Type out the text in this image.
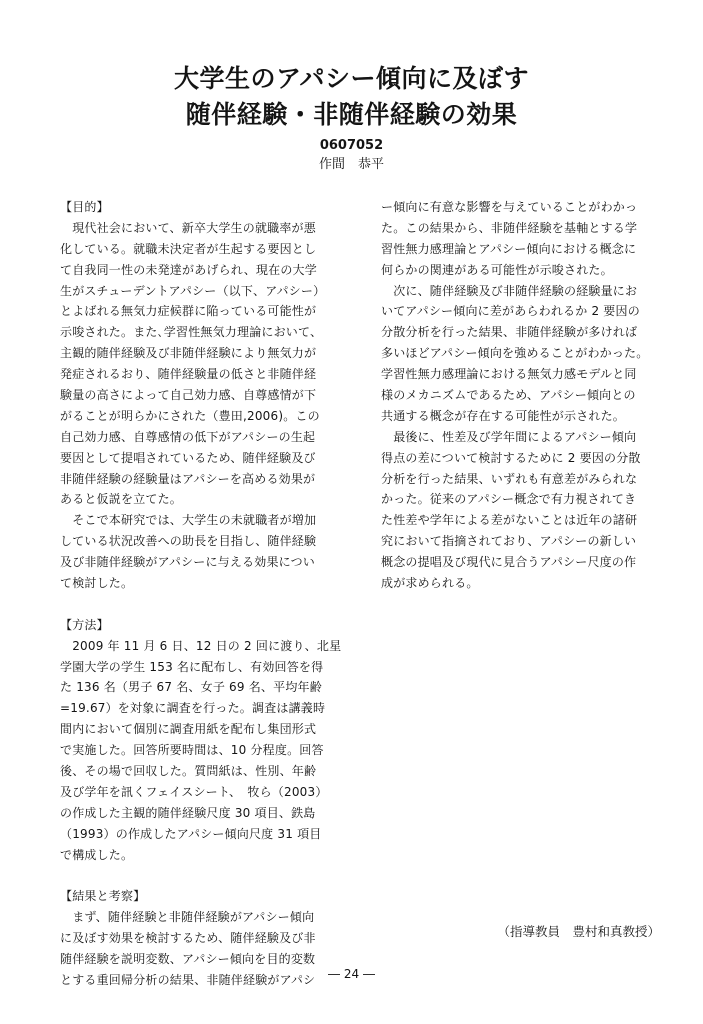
大学生のアパシー傾向に及ぼす
随伴経験・非随伴経験の効果
0607052
作間　恭平
【目的】
　現代社会において、新卒大学生の就職率が悪
化している。就職未決定者が生起する要因とし
て自我同一性の未発達があげられ、現在の大学
生がスチューデントアパシー（以下、アパシー）
とよばれる無気力症候群に陥っている可能性が
示唆された。また､学習性無気力理論において、
主観的随伴経験及び非随伴経験により無気力が
発症されるおり、随伴経験量の低さと非随伴経
験量の高さによって自己効力感、自尊感情が下
がることが明らかにされた（豊田,2006)。この
自己効力感、自尊感情の低下がアパシーの生起
要因として提唱されているため、随伴経験及び
非随伴経験の経験量はアパシーを高める効果が
あると仮説を立てた。
　そこで本研究では、大学生の未就職者が増加
している状況改善への助長を目指し、随伴経験
及び非随伴経験がアパシーに与える効果につい
て検討した。
【方法】
　2009 年 11 月 6 日、12 日の 2 回に渡り、北星
学園大学の学生 153 名に配布し、有効回答を得
た 136 名（男子 67 名、女子 69 名、平均年齢
=19.67）を対象に調査を行った。調査は講義時
間内において個別に調査用紙を配布し集団形式
で実施した。回答所要時間は、10 分程度。回答
後、その場で回収した。質問紙は、性別、年齢
及び学年を訊くフェイスシート、　牧ら（2003）
の作成した主観的随伴経験尺度 30 項目、鉄島
（1993）の作成したアパシー傾向尺度 31 項目
で構成した。
【結果と考察】
　まず、随伴経験と非随伴経験がアパシー傾向
に及ぼす効果を検討するため、随伴経験及び非
随伴経験を説明変数、アパシー傾向を目的変数
とする重回帰分析の結果、非随伴経験がアパシ
ー傾向に有意な影響を与えていることがわかっ
た。この結果から、非随伴経験を基軸とする学
習性無力感理論とアパシー傾向における概念に
何らかの関連がある可能性が示唆された。
　次に、随伴経験及び非随伴経験の経験量にお
いてアパシー傾向に差があらわれるか 2 要因の
分散分析を行った結果、非随伴経験が多ければ
多いほどアパシー傾向を強めることがわかった。
学習性無力感理論における無気力感モデルと同
様のメカニズムであるため、アパシー傾向との
共通する概念が存在する可能性が示された。
　最後に、性差及び学年間によるアパシー傾向
得点の差について検討するために 2 要因の分散
分析を行った結果、いずれも有意差がみられな
かった。従来のアパシー概念で有力視されてき
た性差や学年による差がないことは近年の諸研
究において指摘されており、アパシーの新しい
概念の提唱及び現代に見合うアパシー尺度の作
成が求められる。
（指導教員　豊村和真教授）
― 24 ―
